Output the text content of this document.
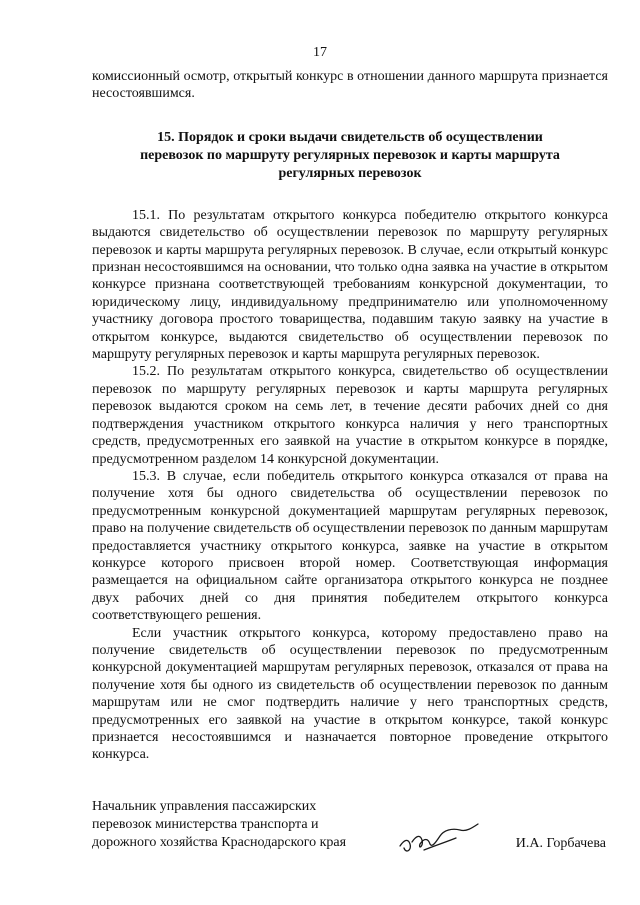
17

комиссионный осмотр, открытый конкурс в отношении данного маршрута признается несостоявшимся.

15. Порядок и сроки выдачи свидетельств об осуществлении перевозок по маршруту регулярных перевозок и карты маршрута регулярных перевозок

15.1. По результатам открытого конкурса победителю открытого конкурса выдаются свидетельство об осуществлении перевозок по маршруту регулярных перевозок и карты маршрута регулярных перевозок. В случае, если открытый конкурс признан несостоявшимся на основании, что только одна заявка на участие в открытом конкурсе признана соответствующей требованиям конкурсной документации, то юридическому лицу, индивидуальному предпринимателю или уполномоченному участнику договора простого товарищества, подавшим такую заявку на участие в открытом конкурсе, выдаются свидетельство об осуществлении перевозок по маршруту регулярных перевозок и карты маршрута регулярных перевозок.

15.2. По результатам открытого конкурса, свидетельство об осуществлении перевозок по маршруту регулярных перевозок и карты маршрута регулярных перевозок выдаются сроком на семь лет, в течение десяти рабочих дней со дня подтверждения участником открытого конкурса наличия у него транспортных средств, предусмотренных его заявкой на участие в открытом конкурсе в порядке, предусмотренном разделом 14 конкурсной документации.

15.3. В случае, если победитель открытого конкурса отказался от права на получение хотя бы одного свидетельства об осуществлении перевозок по предусмотренным конкурсной документацией маршрутам регулярных перевозок, право на получение свидетельств об осуществлении перевозок по данным маршрутам предоставляется участнику открытого конкурса, заявке на участие в открытом конкурсе которого присвоен второй номер. Соответствующая информация размещается на официальном сайте организатора открытого конкурса не позднее двух рабочих дней со дня принятия победителем открытого конкурса соответствующего решения.

Если участник открытого конкурса, которому предоставлено право на получение свидетельств об осуществлении перевозок по предусмотренным конкурсной документацией маршрутам регулярных перевозок, отказался от права на получение хотя бы одного из свидетельств об осуществлении перевозок по данным маршрутам или не смог подтвердить наличие у него транспортных средств, предусмотренных его заявкой на участие в открытом конкурсе, такой конкурс признается несостоявшимся и назначается повторное проведение открытого конкурса.

Начальник управления пассажирских
перевозок министерства транспорта и
дорожного хозяйства Краснодарского края	И.А. Горбачева
